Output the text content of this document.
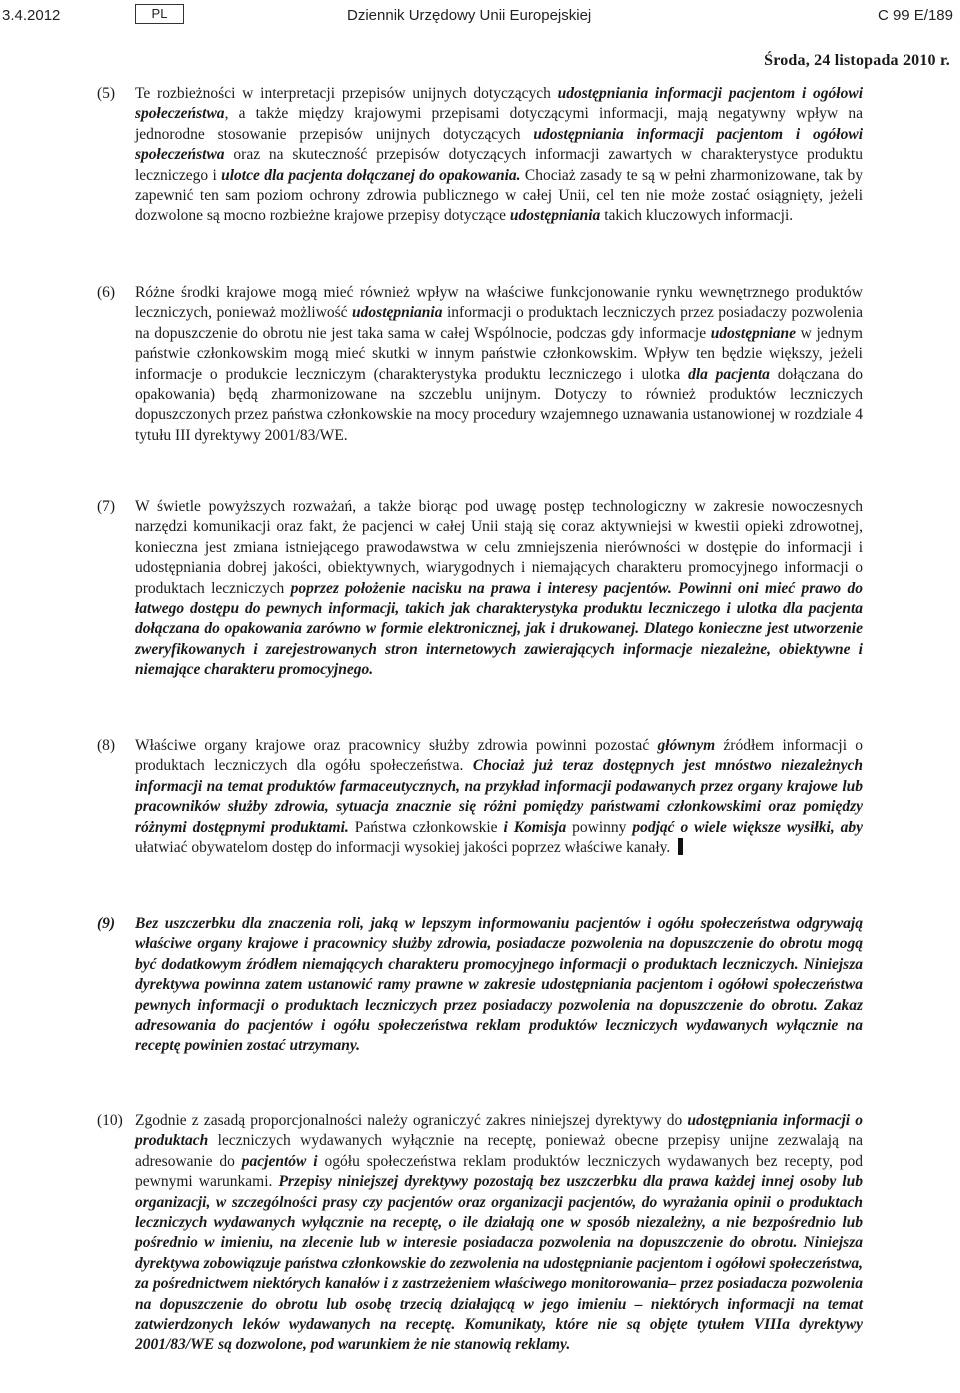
3.4.2012	PL	Dziennik Urzędowy Unii Europejskiej	C 99 E/189
Środa, 24 listopada 2010 r.
(5) Te rozbieżności w interpretacji przepisów unijnych dotyczących udostępniania informacji pacjentom i ogółowi społeczeństwa, a także między krajowymi przepisami dotyczącymi informacji, mają negatywny wpływ na jednorodne stosowanie przepisów unijnych dotyczących udostępniania informacji pacjentom i ogółowi społeczeństwa oraz na skuteczność przepisów dotyczących informacji zawartych w charakterystyce produktu leczniczego i ulotce dla pacjenta dołączanej do opakowania. Chociaż zasady te są w pełni zharmonizowane, tak by zapewnić ten sam poziom ochrony zdrowia publicznego w całej Unii, cel ten nie może zostać osiągnięty, jeżeli dozwolone są mocno rozbieżne krajowe przepisy dotyczące udostępniania takich kluczowych informacji.
(6) Różne środki krajowe mogą mieć również wpływ na właściwe funkcjonowanie rynku wewnętrznego produktów leczniczych, ponieważ możliwość udostępniania informacji o produktach leczniczych przez posiadaczy pozwolenia na dopuszczenie do obrotu nie jest taka sama w całej Wspólnocie, podczas gdy informacje udostępniane w jednym państwie członkowskim mogą mieć skutki w innym państwie członkowskim. Wpływ ten będzie większy, jeżeli informacje o produkcie leczniczym (charakterystyka produktu leczniczego i ulotka dla pacjenta dołączana do opakowania) będą zharmonizowane na szczeblu unijnym. Dotyczy to również produktów leczniczych dopuszczonych przez państwa członkowskie na mocy procedury wzajemnego uznawania ustanowionej w rozdziale 4 tytułu III dyrektywy 2001/83/WE.
(7) W świetle powyższych rozważań, a także biorąc pod uwagę postęp technologiczny w zakresie nowoczesnych narzędzi komunikacji oraz fakt, że pacjenci w całej Unii stają się coraz aktywniejsi w kwestii opieki zdrowotnej, konieczna jest zmiana istniejącego prawodawstwa w celu zmniejszenia nierówności w dostępie do informacji i udostępniania dobrej jakości, obiektywnych, wiarygodnych i niemających charakteru promocyjnego informacji o produktach leczniczych poprzez położenie nacisku na prawa i interesy pacjentów. Powinni oni mieć prawo do łatwego dostępu do pewnych informacji, takich jak charakterystyka produktu leczniczego i ulotka dla pacjenta dołączana do opakowania zarówno w formie elektronicznej, jak i drukowanej. Dlatego konieczne jest utworzenie zweryfikowanych i zarejestrowanych stron internetowych zawierających informacje niezależne, obiektywne i niemające charakteru promocyjnego.
(8) Właściwe organy krajowe oraz pracownicy służby zdrowia powinni pozostać głównym źródłem informacji o produktach leczniczych dla ogółu społeczeństwa. Chociaż już teraz dostępnych jest mnóstwo niezależnych informacji na temat produktów farmaceutycznych, na przykład informacji podawanych przez organy krajowe lub pracowników służby zdrowia, sytuacja znacznie się różni pomiędzy państwami członkowskimi oraz pomiędzy różnymi dostępnymi produktami. Państwa członkowskie i Komisja powinny podjąć o wiele większe wysiłki, aby ułatwiać obywatelom dostęp do informacji wysokiej jakości poprzez właściwe kanały.
(9) Bez uszczerbku dla znaczenia roli, jaką w lepszym informowaniu pacjentów i ogółu społeczeństwa odgrywają właściwe organy krajowe i pracownicy służby zdrowia, posiadacze pozwolenia na dopuszczenie do obrotu mogą być dodatkowym źródłem niemających charakteru promocyjnego informacji o produktach leczniczych. Niniejsza dyrektywa powinna zatem ustanowić ramy prawne w zakresie udostępniania pacjentom i ogółowi społeczeństwa pewnych informacji o produktach leczniczych przez posiadaczy pozwolenia na dopuszczenie do obrotu. Zakaz adresowania do pacjentów i ogółu społeczeństwa reklam produktów leczniczych wydawanych wyłącznie na receptę powinien zostać utrzymany.
(10) Zgodnie z zasadą proporcjonalności należy ograniczyć zakres niniejszej dyrektywy do udostępniania informacji o produktach leczniczych wydawanych wyłącznie na receptę, ponieważ obecne przepisy unijne zezwalają na adresowanie do pacjentów i ogółu społeczeństwa reklam produktów leczniczych wydawanych bez recepty, pod pewnymi warunkami. Przepisy niniejszej dyrektywy pozostają bez uszczerbku dla prawa każdej innej osoby lub organizacji, w szczególności prasy czy pacjentów oraz organizacji pacjentów, do wyrażania opinii o produktach leczniczych wydawanych wyłącznie na receptę, o ile działają one w sposób niezależny, a nie bezpośrednio lub pośrednio w imieniu, na zlecenie lub w interesie posiadacza pozwolenia na dopuszczenie do obrotu. Niniejsza dyrektywa zobowiązuje państwa członkowskie do zezwolenia na udostępnianie pacjentom i ogółowi społeczeństwa, za pośrednictwem niektórych kanałów i z zastrzeżeniem właściwego monitorowania– przez posiadacza pozwolenia na dopuszczenie do obrotu lub osobę trzecią działającą w jego imieniu – niektórych informacji na temat zatwierdzonych leków wydawanych na receptę. Komunikaty, które nie są objęte tytułem VIIIa dyrektywy 2001/83/WE są dozwolone, pod warunkiem że nie stanowią reklamy.
